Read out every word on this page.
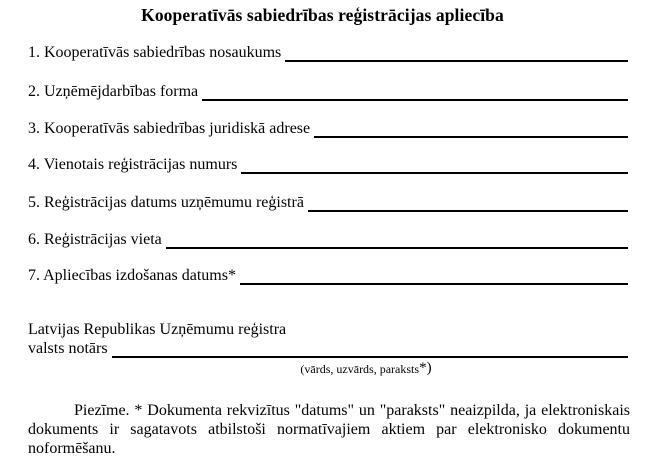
Kooperatīvās sabiedrības reģistrācijas apliecība
1. Kooperatīvās sabiedrības nosaukums
2. Uzņēmējdarbības forma
3. Kooperatīvās sabiedrības juridiskā adrese
4. Vienotais reģistrācijas numurs
5. Reģistrācijas datums uzņēmumu reģistrā
6. Reģistrācijas vieta
7. Apliecības izdošanas datums*
Latvijas Republikas Uzņēmumu reģistra
valsts notārs
(vārds, uzvārds, paraksts*)

Piezīme. * Dokumenta rekvizītus "datums" un "paraksts" neaizpilda, ja elektroniskais dokuments ir sagatavots atbilstoši normatīvajiem aktiem par elektronisko dokumentu noformēšanu.
